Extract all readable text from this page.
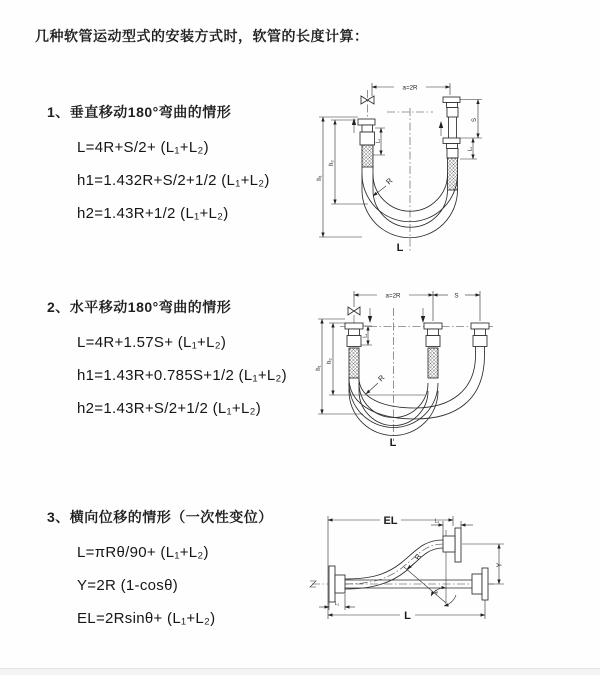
几种软管运动型式的安装方式时，软管的长度计算：
1、垂直移动180°弯曲的情形
L=4R+S/2+ (L₁+L₂)
h1=1.432R+S/2+1/2 (L₁+L₂)
h2=1.43R+1/2 (L₁+L₂)
2、水平移动180°弯曲的情形
L=4R+1.57S+ (L₁+L₂)
h1=1.43R+0.785S+1/2 (L₁+L₂)
h2=1.43R+S/2+1/2 (L₁+L₂)
3、横向位移的情形（一次性变位）
L=πRθ/90+ (L₁+L₂)
Y=2R (1-cosθ)
EL=2Rsinθ+ (L₁+L₂)
a=2R
L₁
h₁
h₂
S
L₂
R
L
a=2R	S
L₁
h₁
h₂
R
L
EL	L₂
Y
R
θ
L₁
L
